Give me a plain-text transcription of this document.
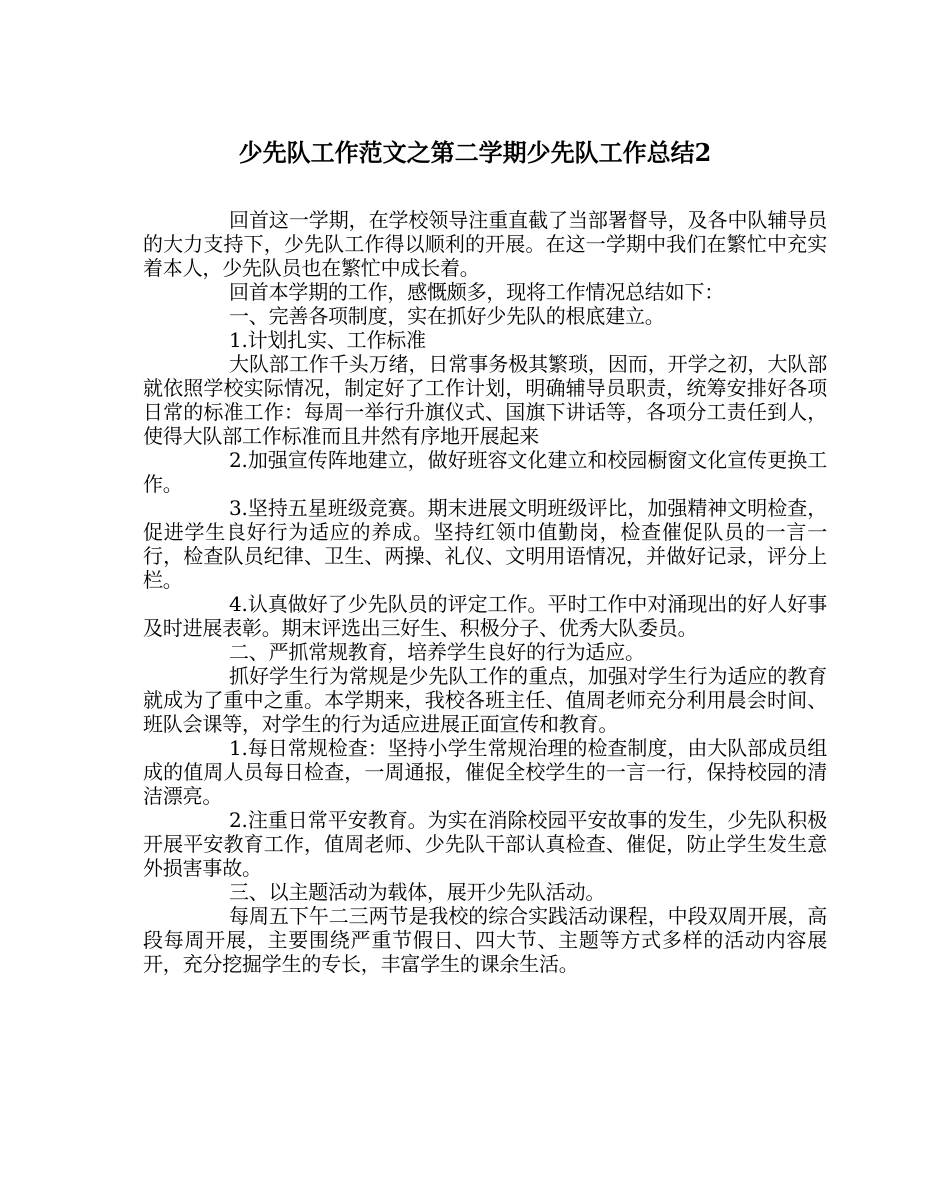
少先队工作范文之第二学期少先队工作总结2

回首这一学期，在学校领导注重直截了当部署督导，及各中队辅导员的大力支持下，少先队工作得以顺利的开展。在这一学期中我们在繁忙中充实着本人，少先队员也在繁忙中成长着。

回首本学期的工作，感慨颇多，现将工作情况总结如下：

一、完善各项制度，实在抓好少先队的根底建立。

1.计划扎实、工作标准

大队部工作千头万绪，日常事务极其繁琐，因而，开学之初，大队部就依照学校实际情况，制定好了工作计划，明确辅导员职责，统筹安排好各项日常的标准工作：每周一举行升旗仪式、国旗下讲话等，各项分工责任到人，使得大队部工作标准而且井然有序地开展起来

2.加强宣传阵地建立，做好班容文化建立和校园橱窗文化宣传更换工作。

3.坚持五星班级竞赛。期末进展文明班级评比，加强精神文明检查，促进学生良好行为适应的养成。坚持红领巾值勤岗，检查催促队员的一言一行，检查队员纪律、卫生、两操、礼仪、文明用语情况，并做好记录，评分上栏。

4.认真做好了少先队员的评定工作。平时工作中对涌现出的好人好事及时进展表彰。期末评选出三好生、积极分子、优秀大队委员。

二、严抓常规教育，培养学生良好的行为适应。

抓好学生行为常规是少先队工作的重点，加强对学生行为适应的教育就成为了重中之重。本学期来，我校各班主任、值周老师充分利用晨会时间、班队会课等，对学生的行为适应进展正面宣传和教育。

1.每日常规检查：坚持小学生常规治理的检查制度，由大队部成员组成的值周人员每日检查，一周通报，催促全校学生的一言一行，保持校园的清洁漂亮。

2.注重日常平安教育。为实在消除校园平安故事的发生，少先队积极开展平安教育工作，值周老师、少先队干部认真检查、催促，防止学生发生意外损害事故。

三、以主题活动为载体，展开少先队活动。

每周五下午二三两节是我校的综合实践活动课程，中段双周开展，高段每周开展，主要围绕严重节假日、四大节、主题等方式多样的活动内容展开，充分挖掘学生的专长，丰富学生的课余生活。
